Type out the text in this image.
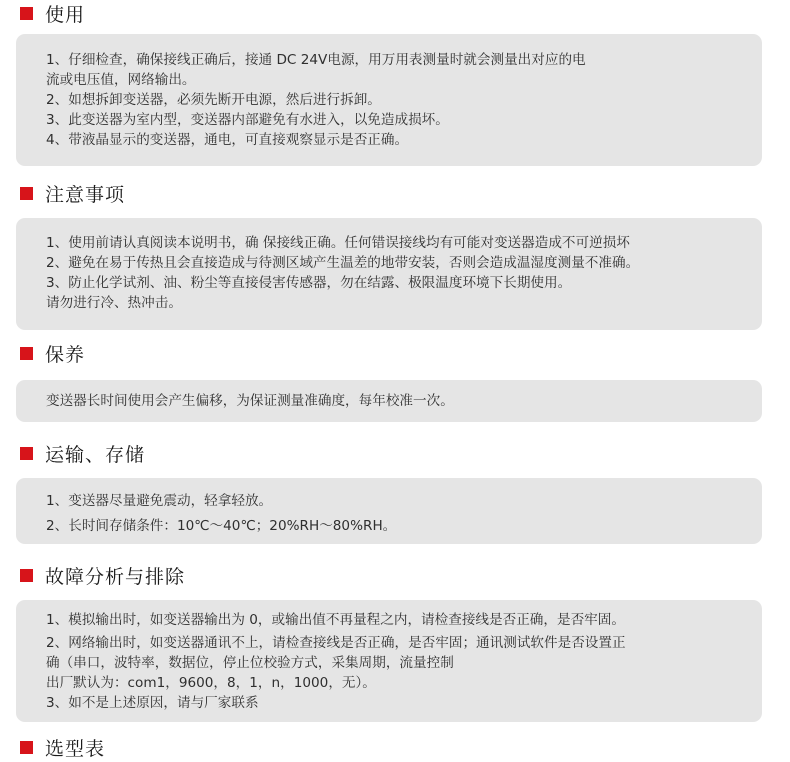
使用
1、仔细检查，确保接线正确后，接通 DC 24V电源，用万用表测量时就会测量出对应的电
流或电压值，网络输出。
2、如想拆卸变送器，必须先断开电源，然后进行拆卸。
3、此变送器为室内型，变送器内部避免有水进入，以免造成损坏。
4、带液晶显示的变送器，通电，可直接观察显示是否正确。
注意事项
1、使用前请认真阅读本说明书，确 保接线正确。任何错误接线均有可能对变送器造成不可逆损坏
2、避免在易于传热且会直接造成与待测区域产生温差的地带安装，否则会造成温湿度测量不准确。
3、防止化学试剂、油、粉尘等直接侵害传感器，勿在结露、极限温度环境下长期使用。
请勿进行冷、热冲击。
保养
变送器长时间使用会产生偏移，为保证测量准确度，每年校准一次。
运输、存储
1、变送器尽量避免震动，轻拿轻放。
2、长时间存储条件：10℃～40℃；20%RH～80%RH。
故障分析与排除
1、模拟输出时，如变送器输出为 0，或输出值不再量程之内，请检查接线是否正确，是否牢固。
2、网络输出时，如变送器通讯不上，请检查接线是否正确，是否牢固；通讯测试软件是否设置正
确（串口，波特率，数据位，停止位校验方式，采集周期，流量控制
出厂默认为：com1，9600，8，1，n，1000，无）。
3、如不是上述原因，请与厂家联系
选型表
